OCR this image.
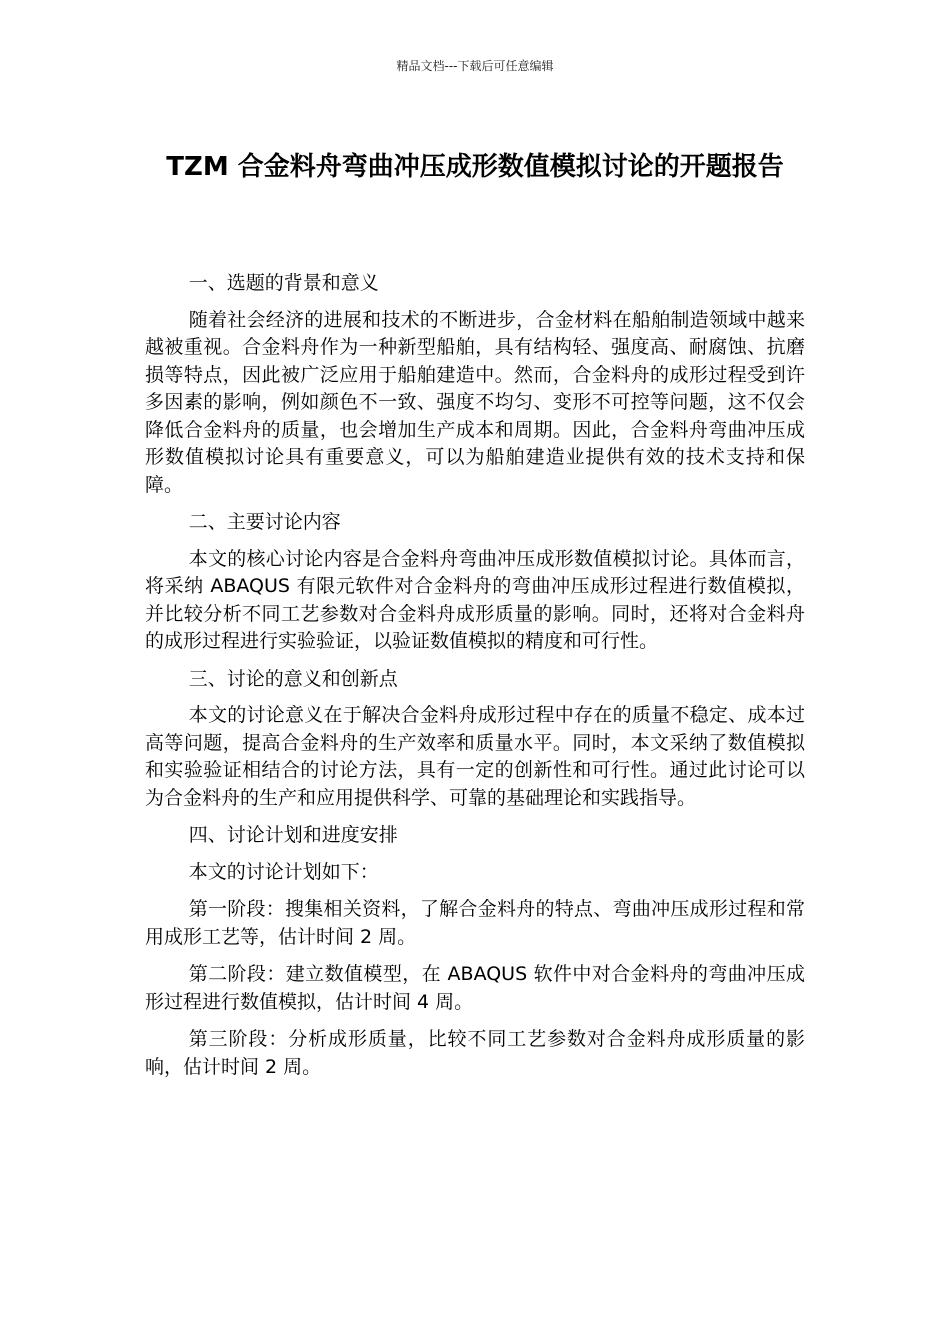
精品文档---下载后可任意编辑
TZM 合金料舟弯曲冲压成形数值模拟讨论的开题报告

一、选题的背景和意义

随着社会经济的进展和技术的不断进步，合金材料在船舶制造领域中越来越被重视。合金料舟作为一种新型船舶，具有结构轻、强度高、耐腐蚀、抗磨损等特点，因此被广泛应用于船舶建造中。然而，合金料舟的成形过程受到许多因素的影响，例如颜色不一致、强度不均匀、变形不可控等问题，这不仅会降低合金料舟的质量，也会增加生产成本和周期。因此，合金料舟弯曲冲压成形数值模拟讨论具有重要意义，可以为船舶建造业提供有效的技术支持和保障。

二、主要讨论内容

本文的核心讨论内容是合金料舟弯曲冲压成形数值模拟讨论。具体而言，将采纳 ABAQUS 有限元软件对合金料舟的弯曲冲压成形过程进行数值模拟，并比较分析不同工艺参数对合金料舟成形质量的影响。同时，还将对合金料舟的成形过程进行实验验证，以验证数值模拟的精度和可行性。

三、讨论的意义和创新点

本文的讨论意义在于解决合金料舟成形过程中存在的质量不稳定、成本过高等问题，提高合金料舟的生产效率和质量水平。同时，本文采纳了数值模拟和实验验证相结合的讨论方法，具有一定的创新性和可行性。通过此讨论可以为合金料舟的生产和应用提供科学、可靠的基础理论和实践指导。

四、讨论计划和进度安排

本文的讨论计划如下：

第一阶段：搜集相关资料，了解合金料舟的特点、弯曲冲压成形过程和常用成形工艺等，估计时间 2 周。

第二阶段：建立数值模型，在 ABAQUS 软件中对合金料舟的弯曲冲压成形过程进行数值模拟，估计时间 4 周。

第三阶段：分析成形质量，比较不同工艺参数对合金料舟成形质量的影响，估计时间 2 周。
